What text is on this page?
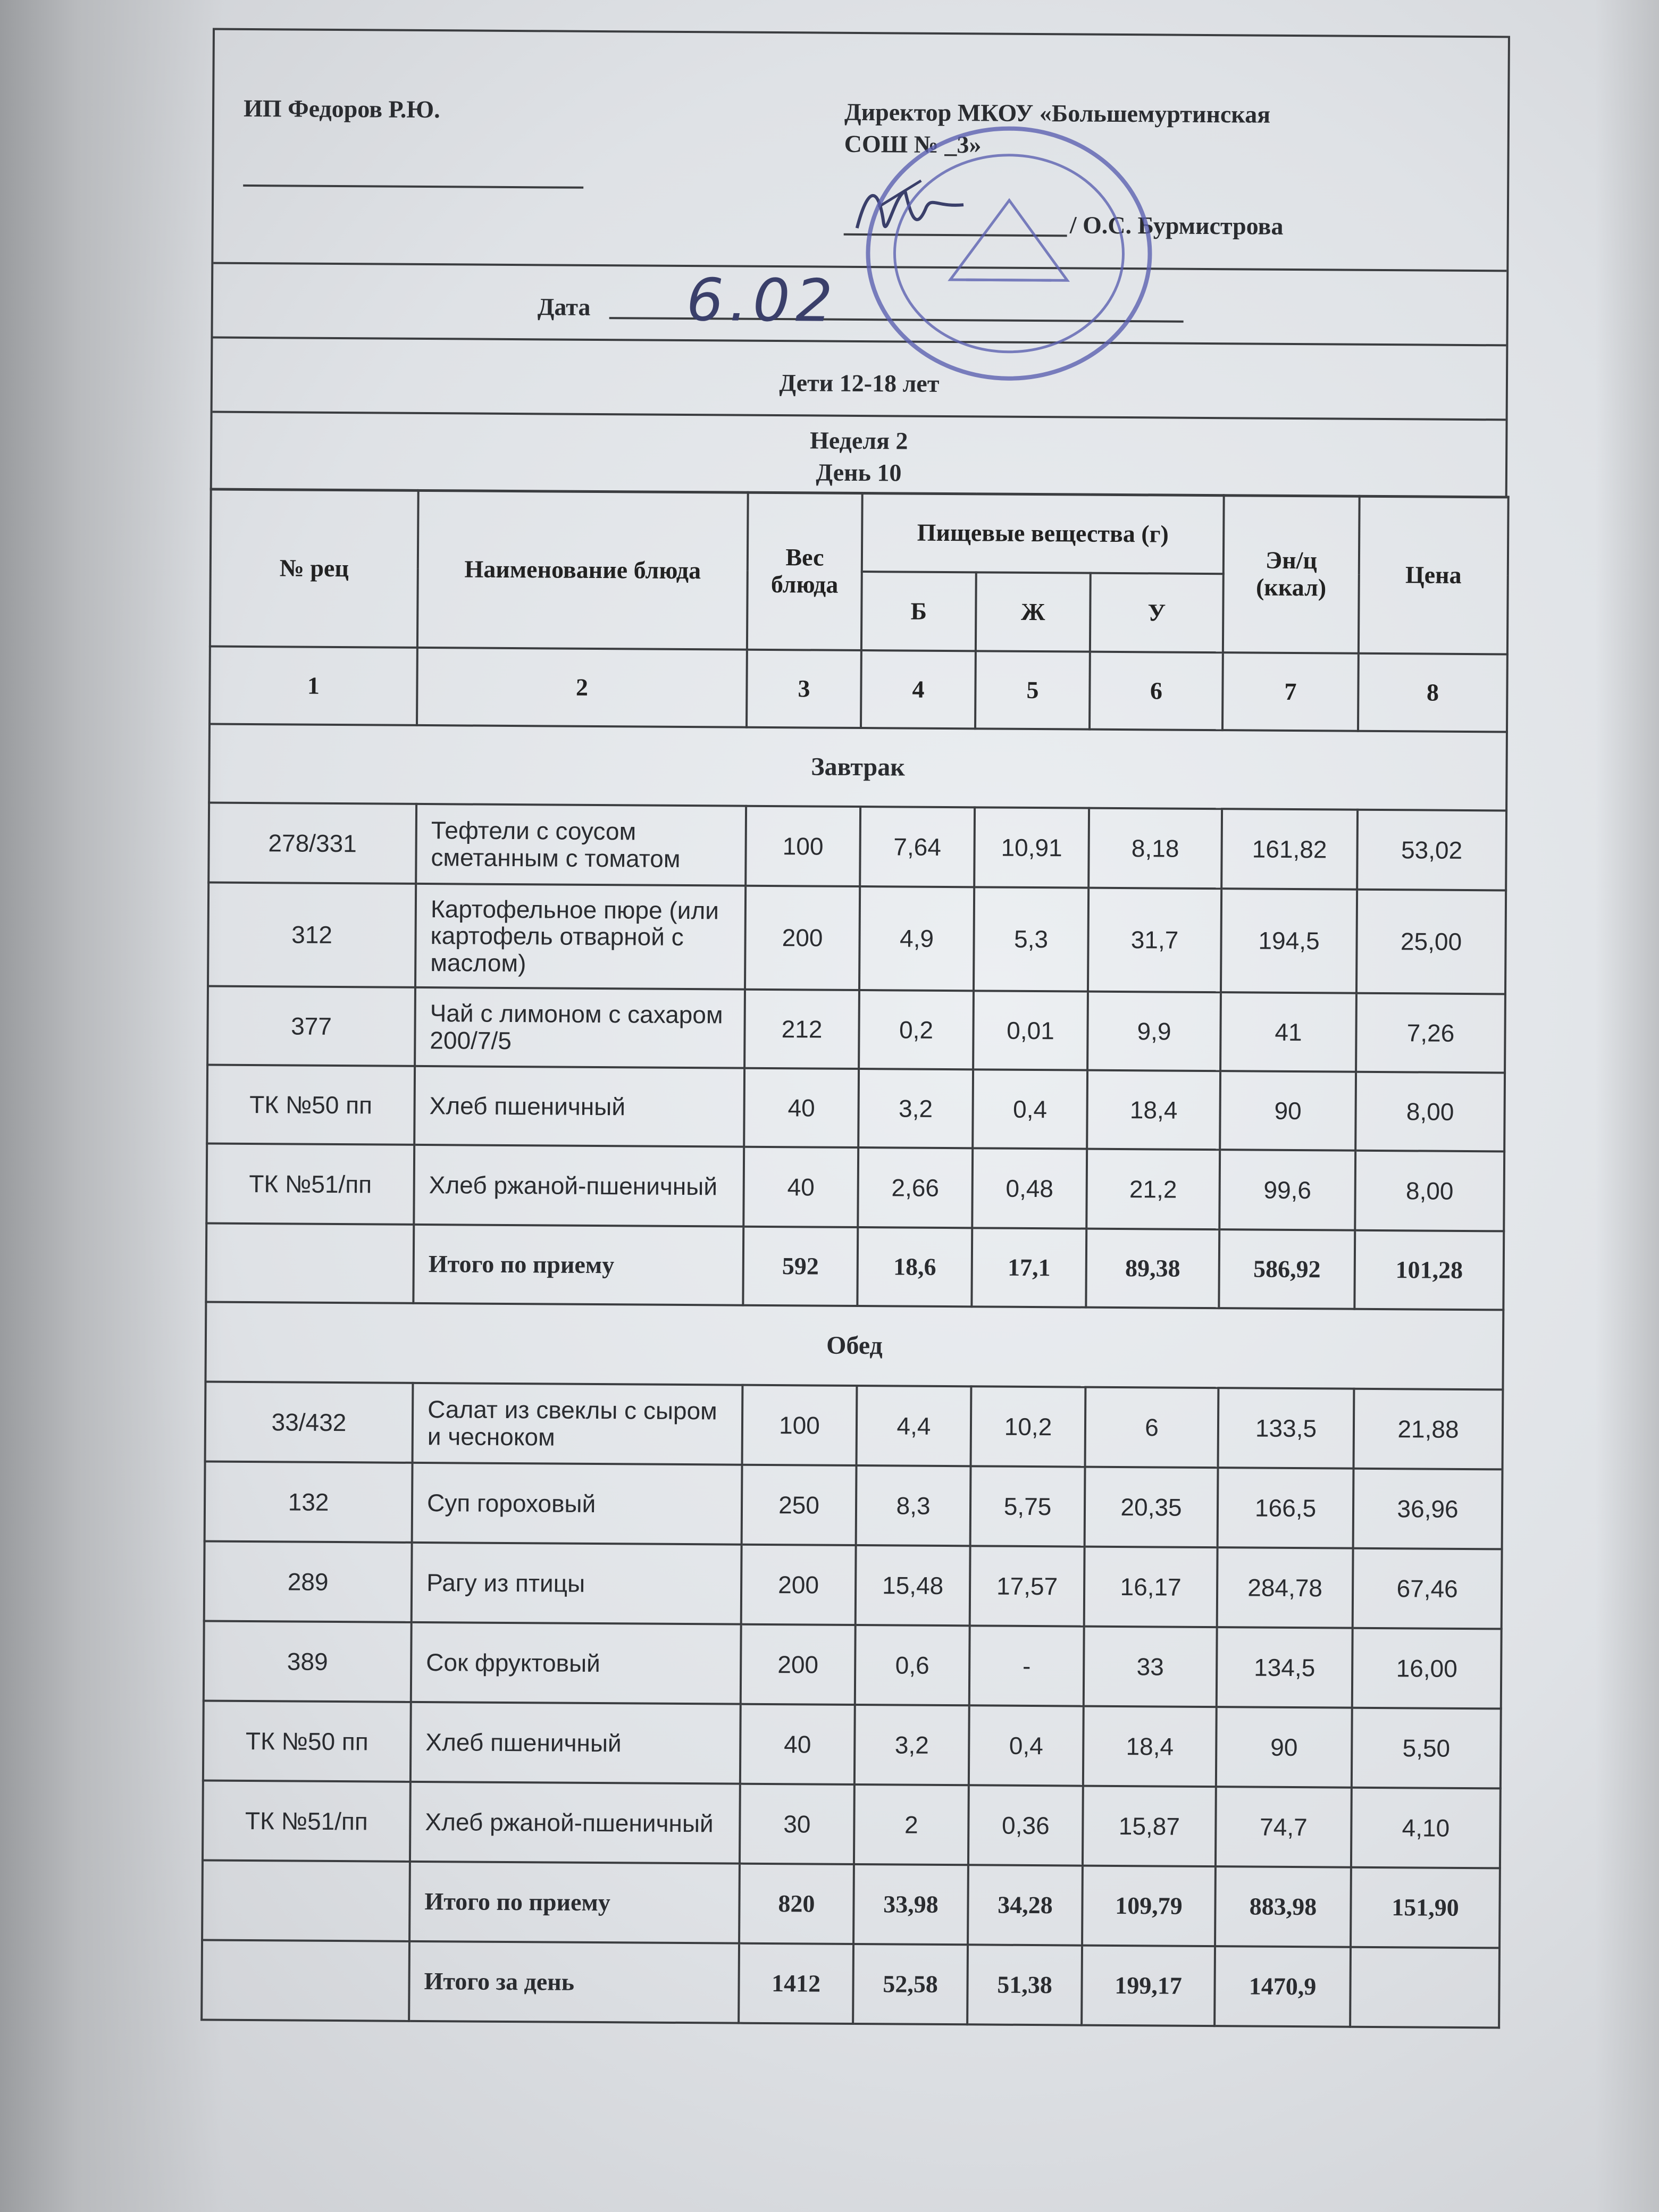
ИП Федоров Р.Ю.	Директор МКОУ «Большемуртинская
СОШ № _3»
/ О.С. Бурмистрова
Дата 6.02
Дети 12-18 лет
Неделя 2
День 10
№ рец	Наименование блюда	Вес блюда	Пищевые вещества (г)			Эн/ц (ккал)	Цена
			Б	Ж	У		
1	2	3	4	5	6	7	8
Завтрак							
278/331	Тефтели с соусом сметанным с томатом	100	7,64	10,91	8,18	161,82	53,02
312	Картофельное пюре (или картофель отварной с маслом)	200	4,9	5,3	31,7	194,5	25,00
377	Чай с лимоном с сахаром 200/7/5	212	0,2	0,01	9,9	41	7,26
ТК №50 пп	Хлеб пшеничный	40	3,2	0,4	18,4	90	8,00
ТК №51/пп	Хлеб ржаной-пшеничный	40	2,66	0,48	21,2	99,6	8,00
	Итого по приему	592	18,6	17,1	89,38	586,92	101,28
Обед							
33/432	Салат из свеклы с сыром и чесноком	100	4,4	10,2	6	133,5	21,88
132	Суп гороховый	250	8,3	5,75	20,35	166,5	36,96
289	Рагу из птицы	200	15,48	17,57	16,17	284,78	67,46
389	Сок фруктовый	200	0,6	-	33	134,5	16,00
ТК №50 пп	Хлеб пшеничный	40	3,2	0,4	18,4	90	5,50
ТК №51/пп	Хлеб ржаной-пшеничный	30	2	0,36	15,87	74,7	4,10
	Итого по приему	820	33,98	34,28	109,79	883,98	151,90
	Итого за день	1412	52,58	51,38	199,17	1470,9	
